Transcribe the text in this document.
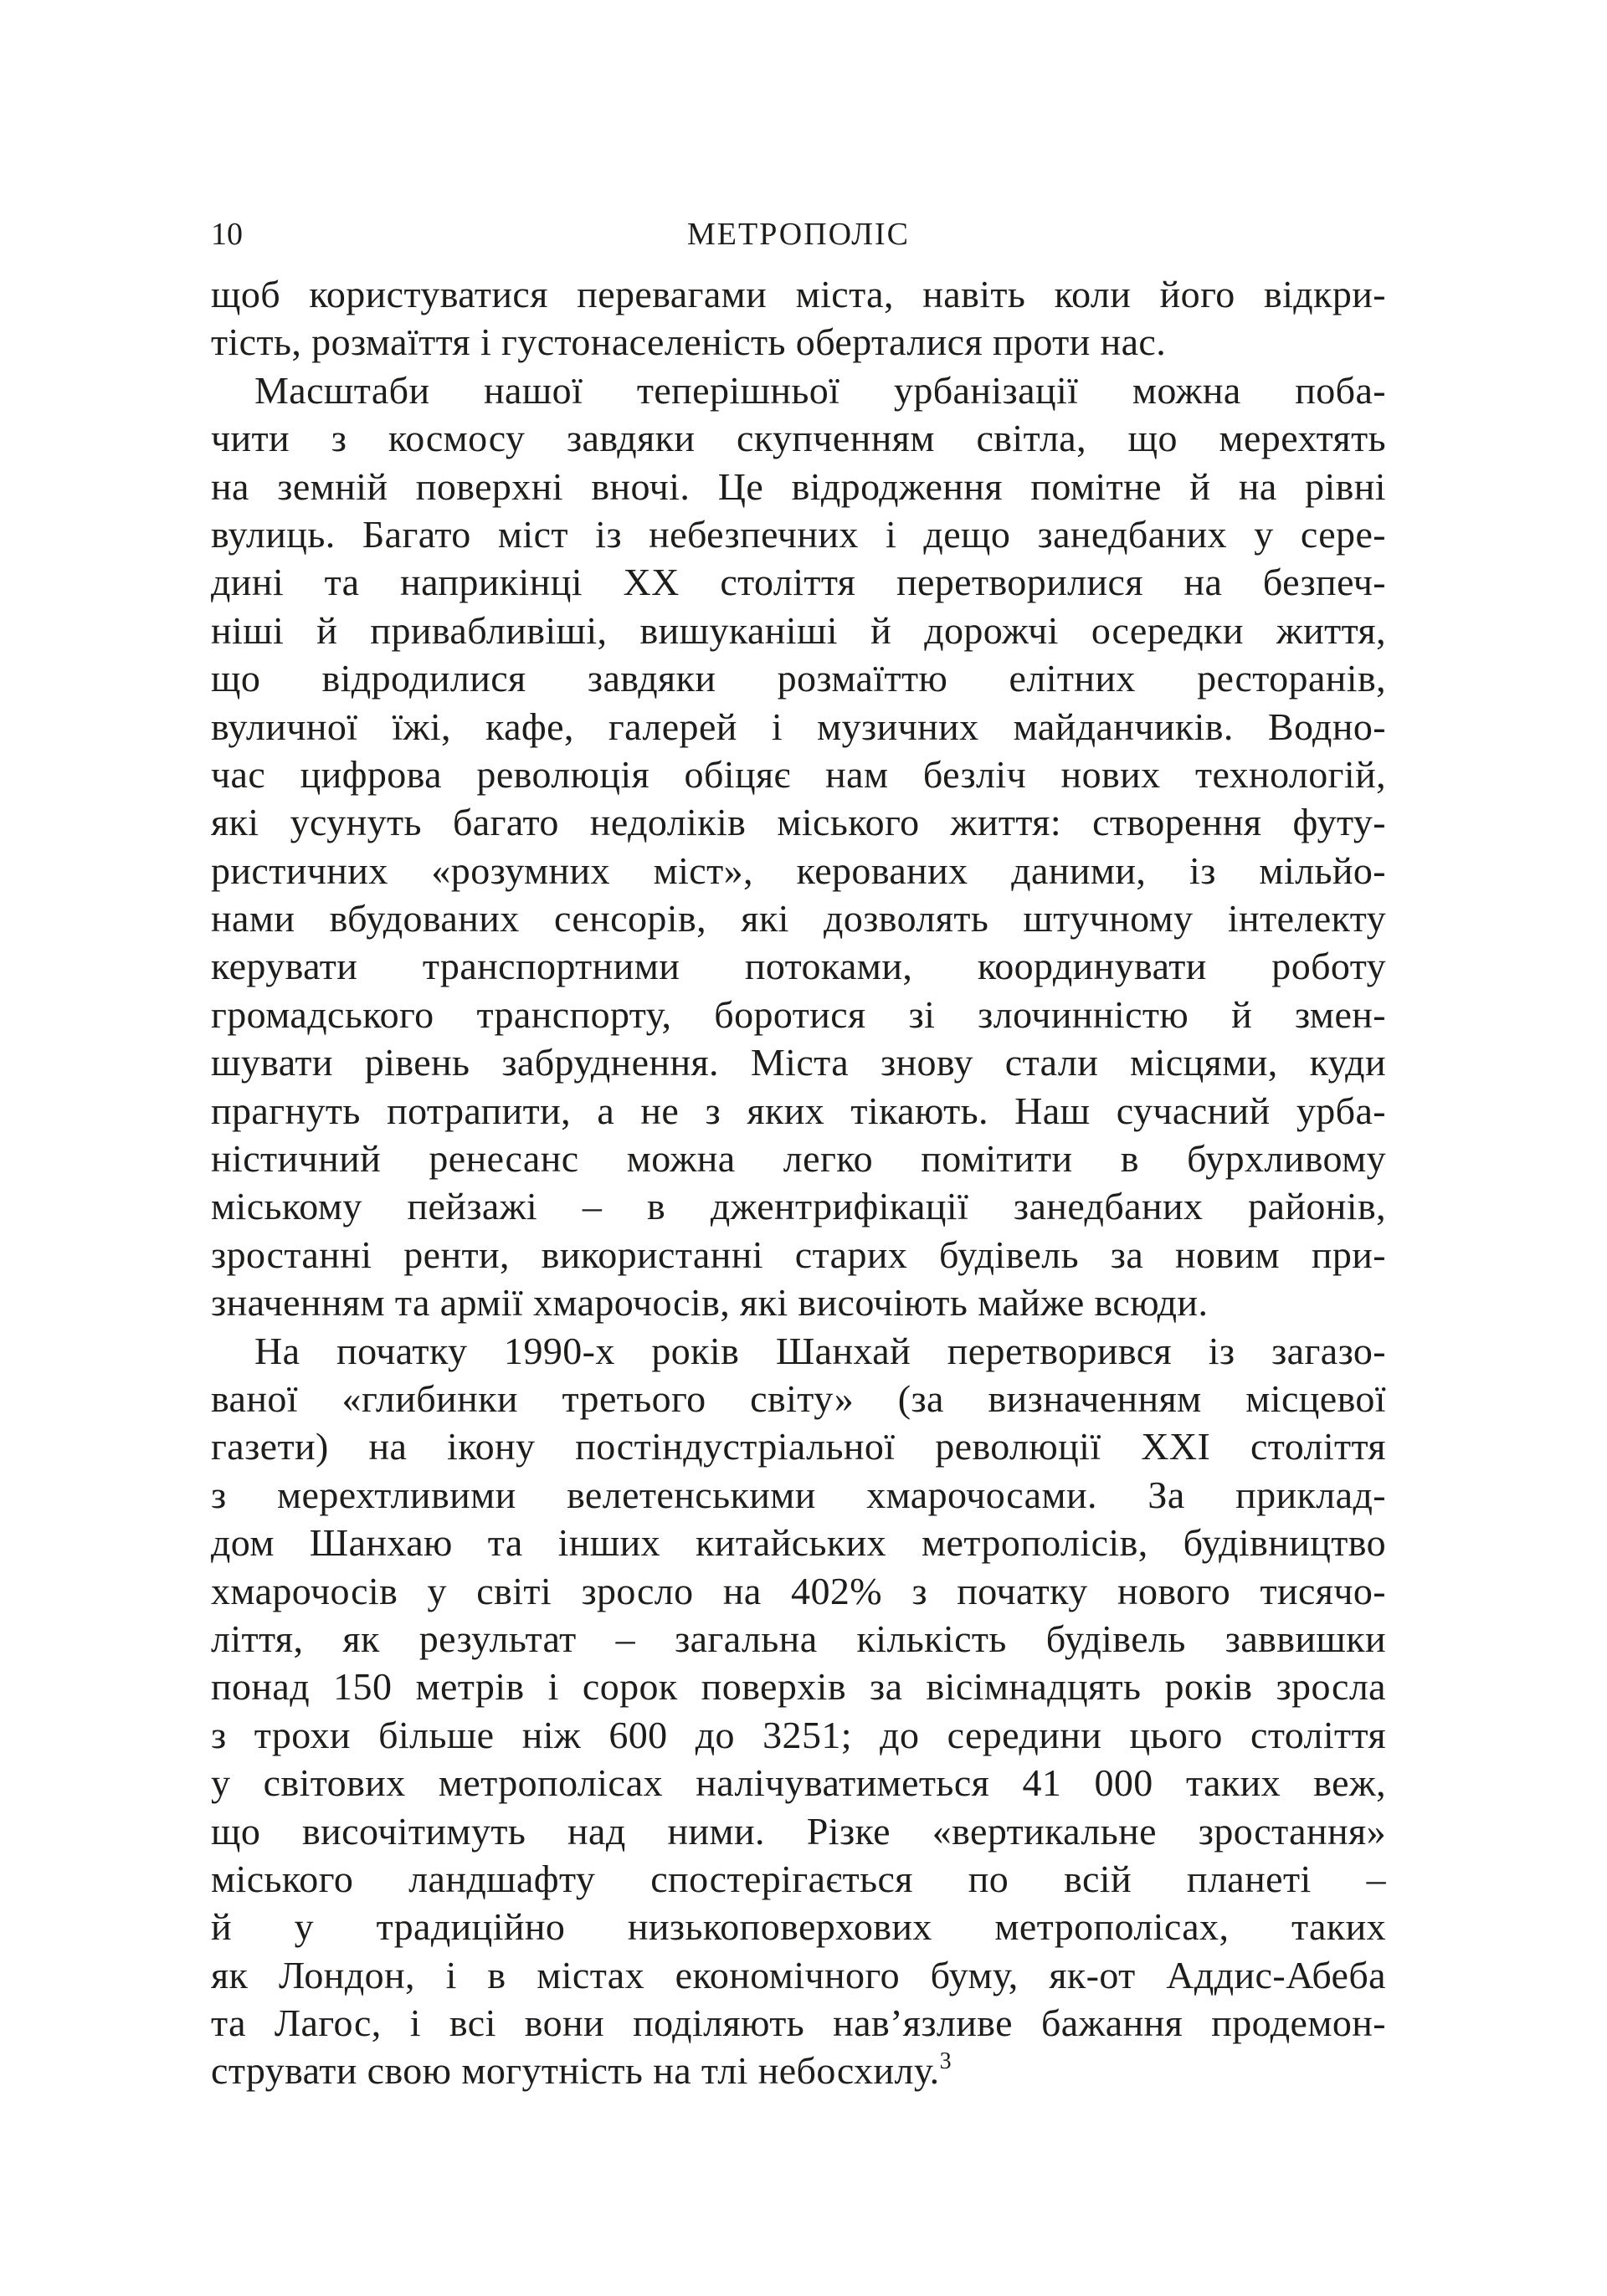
10	МЕТРОПОЛІС
щоб користуватися перевагами міста, навіть коли його відкри-
тість, розмаїття і густонаселеність оберталися проти нас.
Масштаби нашої теперішньої урбанізації можна поба-
чити з космосу завдяки скупченням світла, що мерехтять
на земній поверхні вночі. Це відродження помітне й на рівні
вулиць. Багато міст із небезпечних і дещо занедбаних у сере-
дині та наприкінці XX століття перетворилися на безпеч-
ніші й привабливіші, вишуканіші й дорожчі осередки життя,
що відродилися завдяки розмаїттю елітних ресторанів,
вуличної їжі, кафе, галерей і музичних майданчиків. Водно-
час цифрова революція обіцяє нам безліч нових технологій,
які усунуть багато недоліків міського життя: створення футу-
ристичних «розумних міст», керованих даними, із мільйо-
нами вбудованих сенсорів, які дозволять штучному інтелекту
керувати транспортними потоками, координувати роботу
громадського транспорту, боротися зі злочинністю й змен-
шувати рівень забруднення. Міста знову стали місцями, куди
прагнуть потрапити, а не з яких тікають. Наш сучасний урба-
ністичний ренесанс можна легко помітити в бурхливому
міському пейзажі – в джентрифікації занедбаних районів,
зростанні ренти, використанні старих будівель за новим при-
значенням та армії хмарочосів, які височіють майже всюди.
На початку 1990-х років Шанхай перетворився із загазо-
ваної «глибинки третього світу» (за визначенням місцевої
газети) на ікону постіндустріальної революції XXI століття
з мерехтливими велетенськими хмарочосами. За приклад-
дом Шанхаю та інших китайських метрополісів, будівництво
хмарочосів у світі зросло на 402% з початку нового тисячо-
ліття, як результат – загальна кількість будівель заввишки
понад 150 метрів і сорок поверхів за вісімнадцять років зросла
з трохи більше ніж 600 до 3251; до середини цього століття
у світових метрополісах налічуватиметься 41 000 таких веж,
що височітимуть над ними. Різке «вертикальне зростання»
міського ландшафту спостерігається по всій планеті –
й у традиційно низькоповерхових метрополісах, таких
як Лондон, і в містах економічного буму, як-от Аддис-Абеба
та Лагос, і всі вони поділяють нав’язливе бажання продемон-
струвати свою могутність на тлі небосхилу.$^3$
